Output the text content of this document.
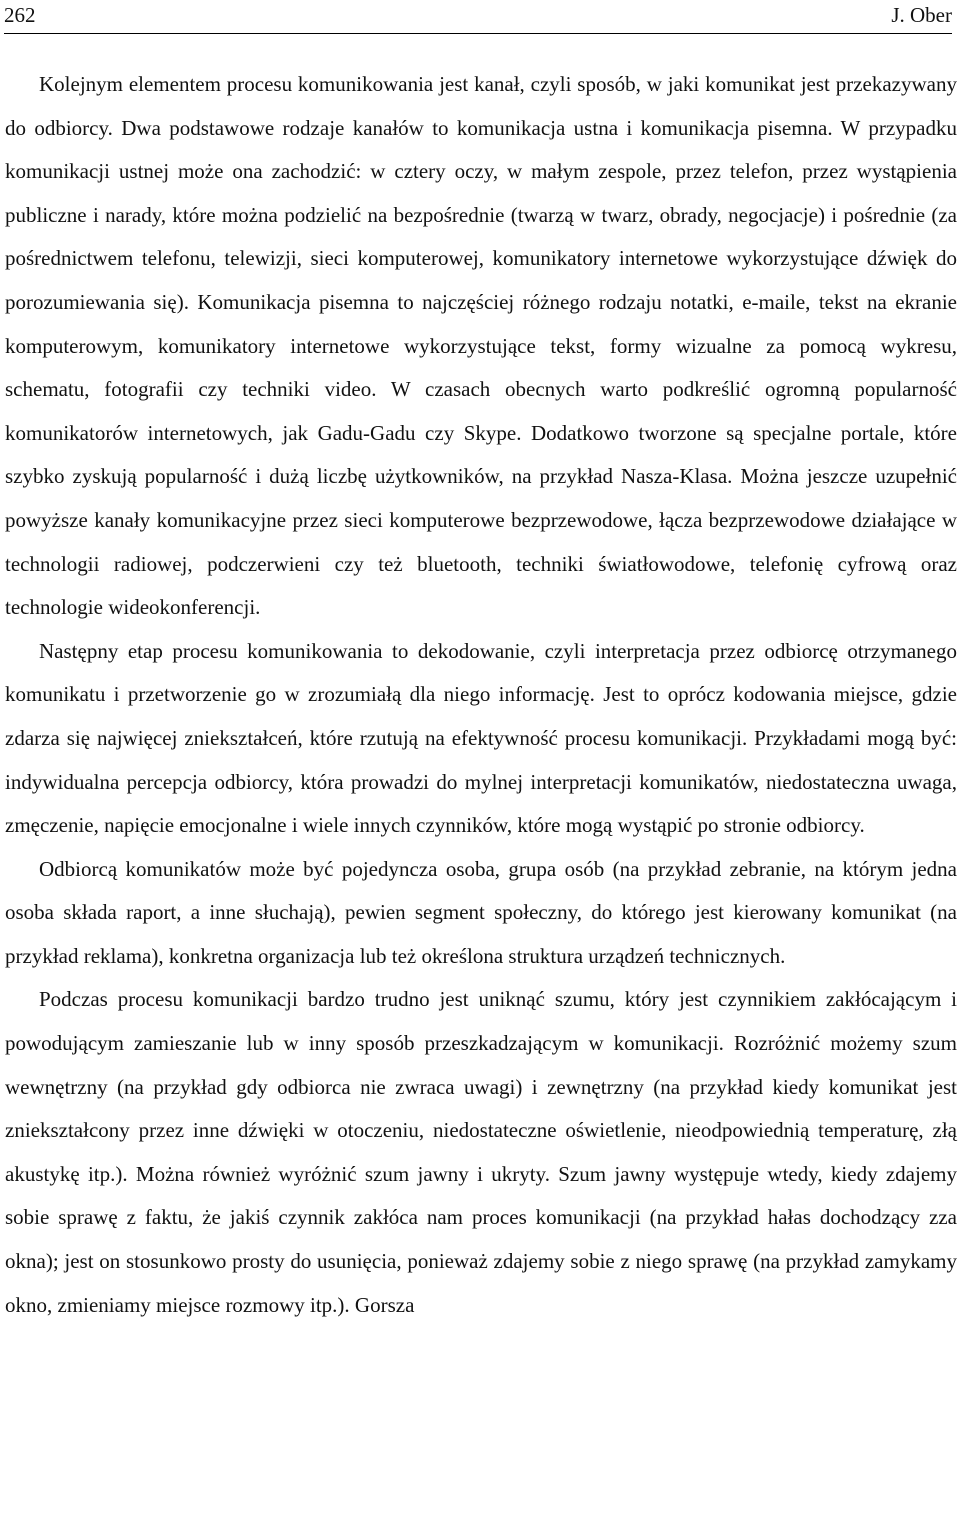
262	J. Ober

Kolejnym elementem procesu komunikowania jest kanał, czyli sposób, w jaki komunikat jest przekazywany do odbiorcy. Dwa podstawowe rodzaje kanałów to komunikacja ustna i komunikacja pisemna. W przypadku komunikacji ustnej może ona zachodzić: w cztery oczy, w małym zespole, przez telefon, przez wystąpienia publiczne i narady, które można podzielić na bezpośrednie (twarzą w twarz, obrady, negocjacje) i pośrednie (za pośrednictwem telefonu, telewizji, sieci komputerowej, komunikatory internetowe wykorzystujące dźwięk do porozumiewania się). Komunikacja pisemna to najczęściej różnego rodzaju notatki, e-maile, tekst na ekranie komputerowym, komunikatory internetowe wykorzystujące tekst, formy wizualne za pomocą wykresu, schematu, fotografii czy techniki video. W czasach obecnych warto podkreślić ogromną popularność komunikatorów internetowych, jak Gadu-Gadu czy Skype. Dodatkowo tworzone są specjalne portale, które szybko zyskują popularność i dużą liczbę użytkowników, na przykład Nasza-Klasa. Można jeszcze uzupełnić powyższe kanały komunikacyjne przez sieci komputerowe bezprzewodowe, łącza bezprzewodowe działające w technologii radiowej, podczerwieni czy też bluetooth, techniki światłowodowe, telefonię cyfrową oraz technologie wideokonferencji.

Następny etap procesu komunikowania to dekodowanie, czyli interpretacja przez odbiorcę otrzymanego komunikatu i przetworzenie go w zrozumiałą dla niego informację. Jest to oprócz kodowania miejsce, gdzie zdarza się najwięcej zniekształceń, które rzutują na efektywność procesu komunikacji. Przykładami mogą być: indywidualna percepcja odbiorcy, która prowadzi do mylnej interpretacji komunikatów, niedostateczna uwaga, zmęczenie, napięcie emocjonalne i wiele innych czynników, które mogą wystąpić po stronie odbiorcy.

Odbiorcą komunikatów może być pojedyncza osoba, grupa osób (na przykład zebranie, na którym jedna osoba składa raport, a inne słuchają), pewien segment społeczny, do którego jest kierowany komunikat (na przykład reklama), konkretna organizacja lub też określona struktura urządzeń technicznych.

Podczas procesu komunikacji bardzo trudno jest uniknąć szumu, który jest czynnikiem zakłócającym i powodującym zamieszanie lub w inny sposób przeszkadzającym w komunikacji. Rozróżnić możemy szum wewnętrzny (na przykład gdy odbiorca nie zwraca uwagi) i zewnętrzny (na przykład kiedy komunikat jest zniekształcony przez inne dźwięki w otoczeniu, niedostateczne oświetlenie, nieodpowiednią temperaturę, złą akustykę itp.). Można również wyróżnić szum jawny i ukryty. Szum jawny występuje wtedy, kiedy zdajemy sobie sprawę z faktu, że jakiś czynnik zakłóca nam proces komunikacji (na przykład hałas dochodzący zza okna); jest on stosunkowo prosty do usunięcia, ponieważ zdajemy sobie z niego sprawę (na przykład zamykamy okno, zmieniamy miejsce rozmowy itp.). Gorsza
